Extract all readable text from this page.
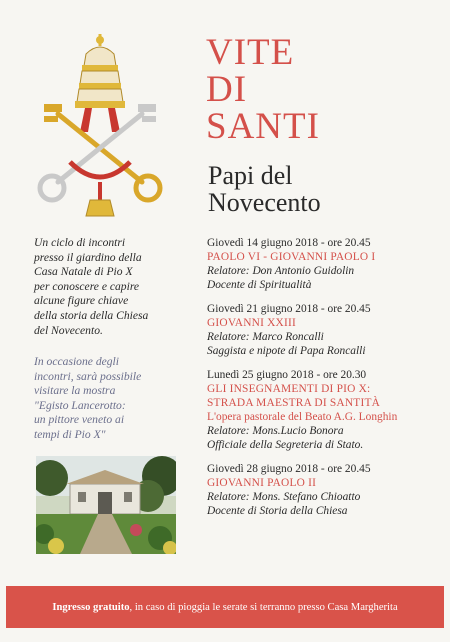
VITE
DI
SANTI
Papi del
Novecento
Un ciclo di incontri
presso il giardino della
Casa Natale di Pio X
per conoscere e capire
alcune figure chiave
della storia della Chiesa
del Novecento.
In occasione degli
incontri, sarà possibile
visitare la mostra
"Egisto Lancerotto:
un pittore veneto ai
tempi di Pio X"
Giovedì 14 giugno 2018 - ore 20.45
PAOLO VI - GIOVANNI PAOLO I
Relatore: Don Antonio Guidolin
Docente di Spiritualità
Giovedì 21 giugno 2018 - ore 20.45
GIOVANNI XXIII
Relatore: Marco Roncalli
Saggista e nipote di Papa Roncalli
Lunedì 25 giugno 2018 - ore 20.30
GLI INSEGNAMENTI DI PIO X:
STRADA MAESTRA DI SANTITÀ
L'opera pastorale del Beato A.G. Longhin
Relatore: Mons.Lucio Bonora
Officiale della Segreteria di Stato.
Giovedì 28 giugno 2018 - ore 20.45
GIOVANNI PAOLO II
Relatore: Mons. Stefano Chioatto
Docente di Storia della Chiesa
Ingresso gratuito, in caso di pioggia le serate si terranno presso Casa Margherita
